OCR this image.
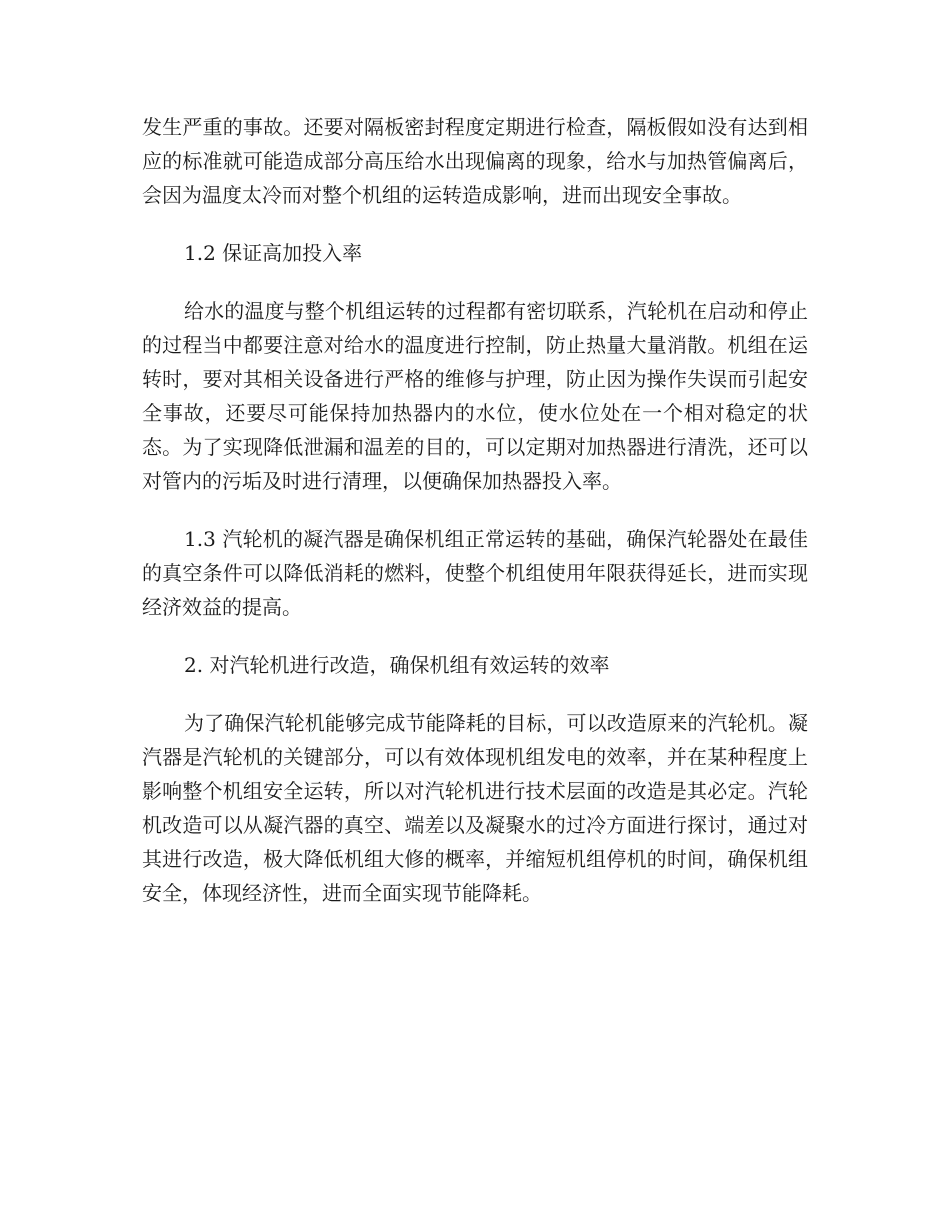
发生严重的事故。还要对隔板密封程度定期进行检查，隔板假如没有达到相应的标准就可能造成部分高压给水出现偏离的现象，给水与加热管偏离后，会因为温度太冷而对整个机组的运转造成影响，进而出现安全事故。

1.2 保证高加投入率

给水的温度与整个机组运转的过程都有密切联系，汽轮机在启动和停止的过程当中都要注意对给水的温度进行控制，防止热量大量消散。机组在运转时，要对其相关设备进行严格的维修与护理，防止因为操作失误而引起安全事故，还要尽可能保持加热器内的水位，使水位处在一个相对稳定的状态。为了实现降低泄漏和温差的目的，可以定期对加热器进行清洗，还可以对管内的污垢及时进行清理，以便确保加热器投入率。

1.3 汽轮机的凝汽器是确保机组正常运转的基础，确保汽轮器处在最佳的真空条件可以降低消耗的燃料，使整个机组使用年限获得延长，进而实现经济效益的提高。

2. 对汽轮机进行改造，确保机组有效运转的效率

为了确保汽轮机能够完成节能降耗的目标，可以改造原来的汽轮机。凝汽器是汽轮机的关键部分，可以有效体现机组发电的效率，并在某种程度上影响整个机组安全运转，所以对汽轮机进行技术层面的改造是其必定。汽轮机改造可以从凝汽器的真空、端差以及凝聚水的过冷方面进行探讨，通过对其进行改造，极大降低机组大修的概率，并缩短机组停机的时间，确保机组安全，体现经济性，进而全面实现节能降耗。
